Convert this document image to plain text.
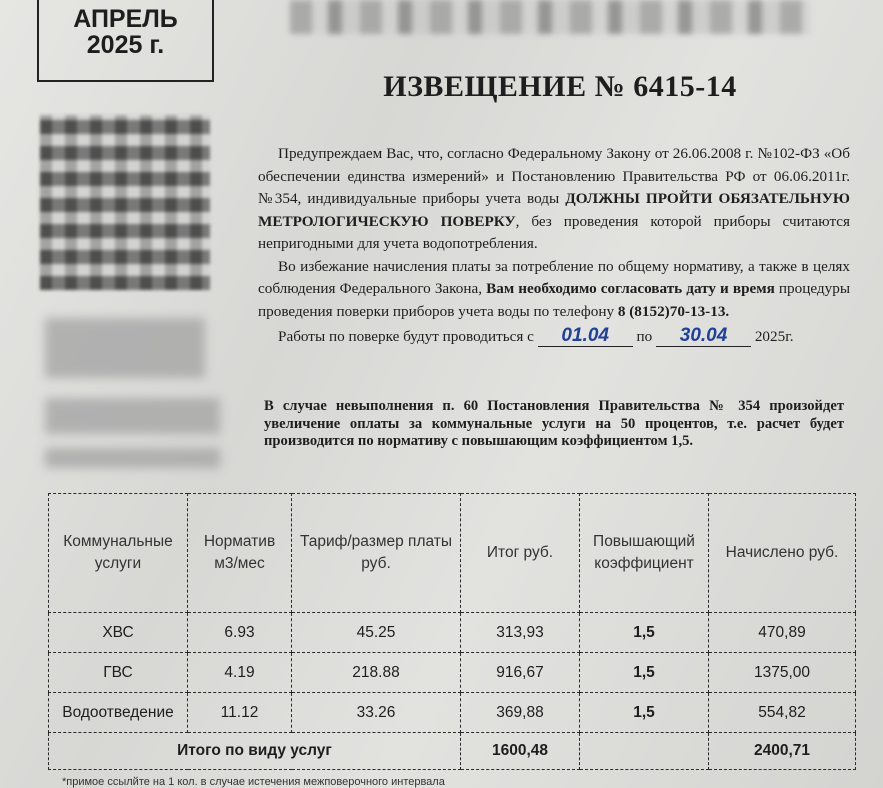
АПРЕЛЬ
2025 г.
ИЗВЕЩЕНИЕ № 6415-14

Предупреждаем Вас, что, согласно Федеральному Закону от 26.06.2008 г. №102-ФЗ «Об обеспечении единства измерений» и Постановлению Правительства РФ от 06.06.2011г. №354, индивидуальные приборы учета воды ДОЛЖНЫ ПРОЙТИ ОБЯЗАТЕЛЬНУЮ МЕТРОЛОГИЧЕСКУЮ ПОВЕРКУ, без проведения которой приборы считаются непригодными для учета водопотребления.

Во избежание начисления платы за потребление по общему нормативу, а также в целях соблюдения Федерального Закона, Вам необходимо согласовать дату и время процедуры проведения поверки приборов учета воды по телефону 8 (8152)70-13-13.

Работы по поверке будут проводиться с 01.04 по 30.04 2025г.

В случае невыполнения п. 60 Постановления Правительства № 354 произойдет увеличение оплаты за коммунальные услуги на 50 процентов, т.е. расчет будет производится по нормативу с повышающим коэффициентом 1,5.
Коммунальные услуги	Норматив м3/мес	Тариф/размер платы руб.	Итог руб.	Повышающий коэффициент	Начислено руб.
ХВС	6.93	45.25	313,93	1,5	470,89
ГВС	4.19	218.88	916,67	1,5	1375,00
Водоотведение	11.12	33.26	369,88	1,5	554,82
Итого по виду услуг			1600,48		2400,71
*примое ссылйте на 1 кол. в случае истечения межповерочного интервала
